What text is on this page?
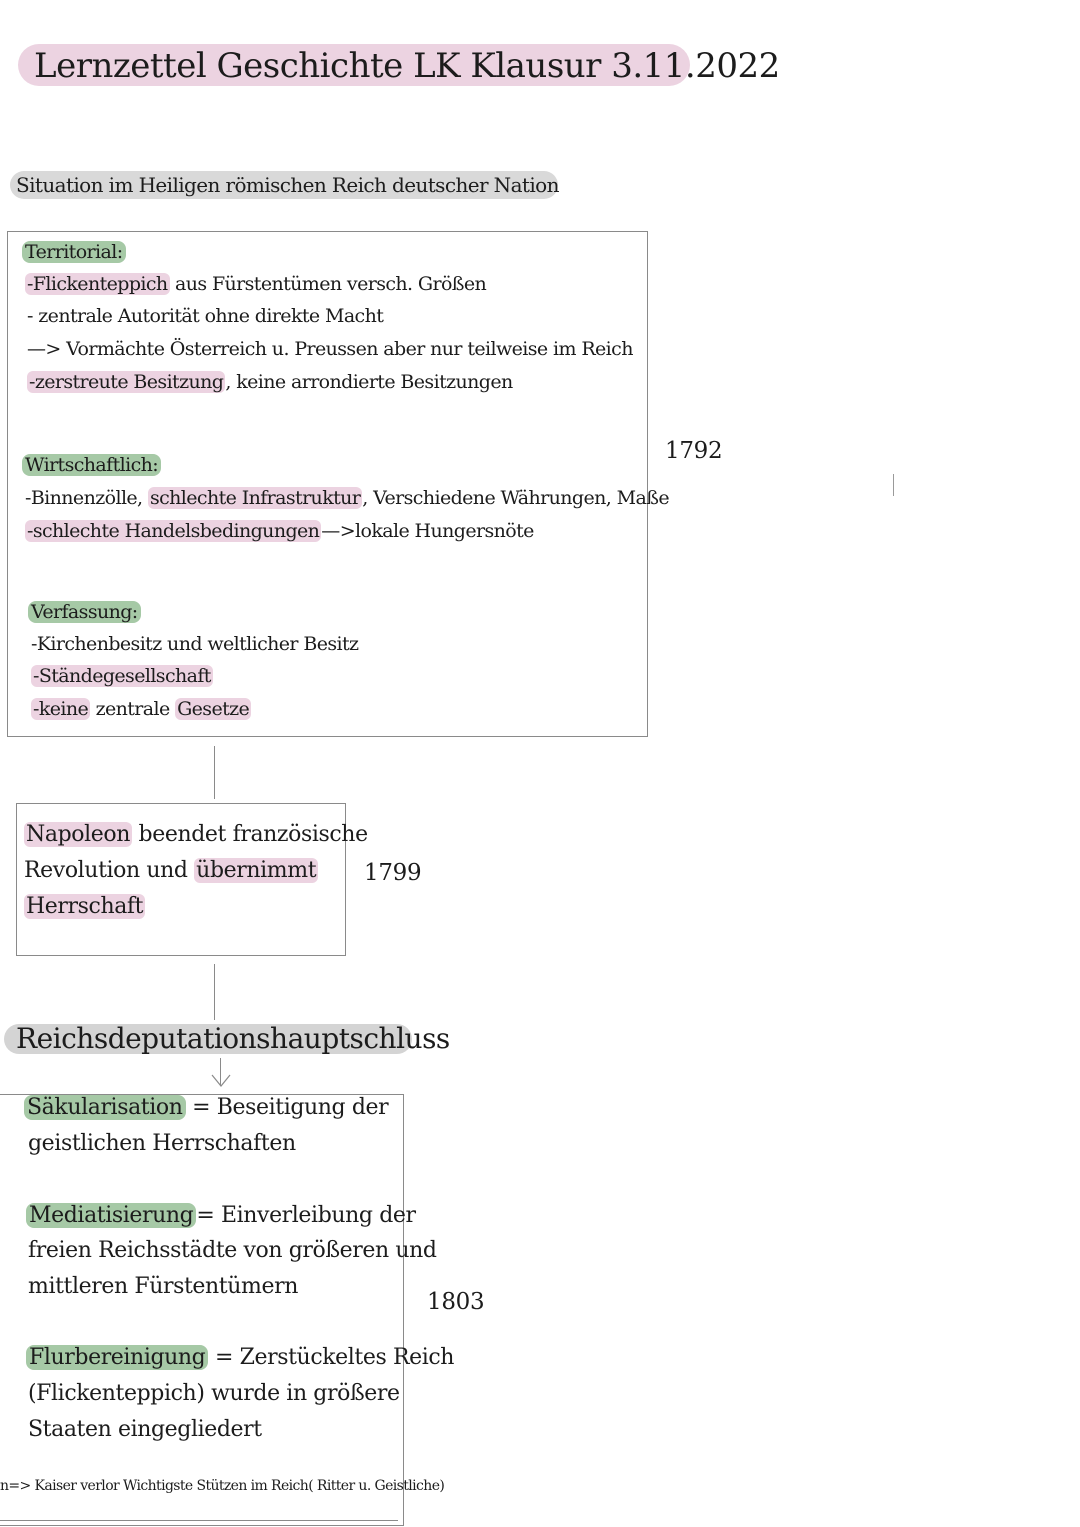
Lernzettel Geschichte LK Klausur 3.11.2022
Situation im Heiligen römischen Reich deutscher Nation
Territorial:
-Flickenteppich aus Fürstentümen versch. Größen
- zentrale Autorität ohne direkte Macht
—> Vormächte Österreich u. Preussen aber nur teilweise im Reich
-zerstreute Besitzung , keine arrondierte Besitzungen
Wirtschaftlich:
-Binnenzölle, schlechte Infrastruktur , Verschiedene Währungen, Maße
-schlechte Handelsbedingungen —>lokale Hungersnöte
Verfassung:
-Kirchenbesitz und weltlicher Besitz
-Ständegesellschaft
-keine zentrale Gesetze
1792
Napoleon beendet französische
Revolution und übernimmt
Herrschaft
1799
Reichsdeputationshauptschluss
Säkularisation = Beseitigung der
geistlichen Herrschaften
Mediatisierung = Einverleibung der
freien Reichsstädte von größeren und
mittleren Fürstentümern
Flurbereinigung = Zerstückeltes Reich
(Flickenteppich) wurde in größere
Staaten eingegliedert
n=> Kaiser verlor Wichtigste Stützen im Reich( Ritter u. Geistliche)
1803
